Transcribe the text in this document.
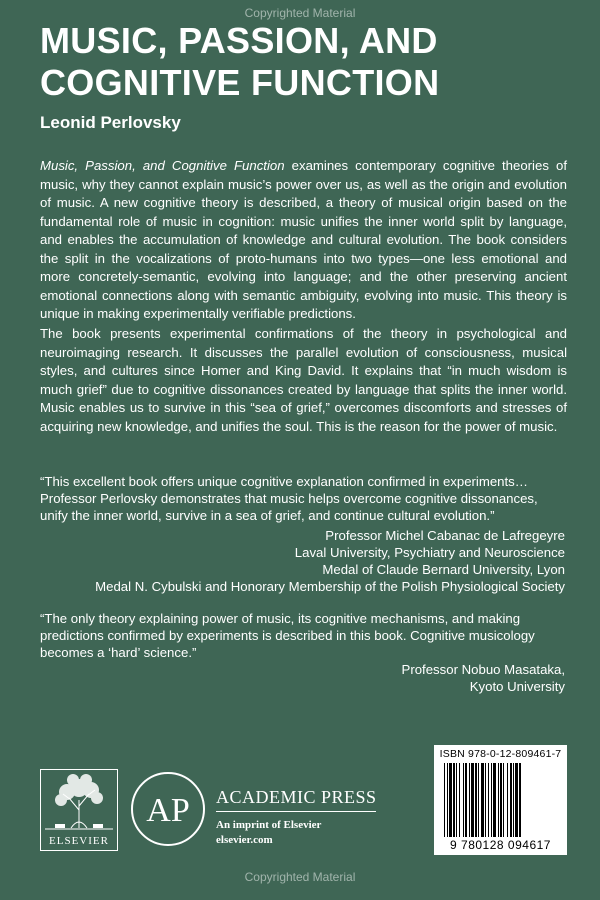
Copyrighted Material
MUSIC, PASSION, AND
COGNITIVE FUNCTION
Leonid Perlovsky

Music, Passion, and Cognitive Function examines contemporary cognitive theories of music, why they cannot explain music’s power over us, as well as the origin and evolution of music. A new cognitive theory is described, a theory of musical origin based on the fundamental role of music in cognition: music unifies the inner world split by language, and enables the accumulation of knowledge and cultural evolution. The book considers the split in the vocalizations of proto-humans into two types—one less emotional and more concretely-semantic, evolving into language; and the other preserving ancient emotional connections along with semantic ambiguity, evolving into music. This theory is unique in making experimentally verifiable predictions.

The book presents experimental confirmations of the theory in psychological and neuroimaging research. It discusses the parallel evolution of consciousness, musical styles, and cultures since Homer and King David. It explains that “in much wisdom is much grief” due to cognitive dissonances created by language that splits the inner world. Music enables us to survive in this “sea of grief,” overcomes discomforts and stresses of acquiring new knowledge, and unifies the soul. This is the reason for the power of music.

“This excellent book offers unique cognitive explanation confirmed in experiments… Professor Perlovsky demonstrates that music helps overcome cognitive dissonances, unify the inner world, survive in a sea of grief, and continue cultural evolution.”

Professor Michel Cabanac de Lafregeyre
Laval University, Psychiatry and Neuroscience
Medal of Claude Bernard University, Lyon
Medal N. Cybulski and Honorary Membership of the Polish Physiological Society

“The only theory explaining power of music, its cognitive mechanisms, and making predictions confirmed by experiments is described in this book. Cognitive musicology becomes a ‘hard’ science.”

Professor Nobuo Masataka,
Kyoto University
ELSEVIER
AP ACADEMIC PRESS
An imprint of Elsevier
elsevier.com
ISBN 978-0-12-809461-7
9 780128 094617
Copyrighted Material
